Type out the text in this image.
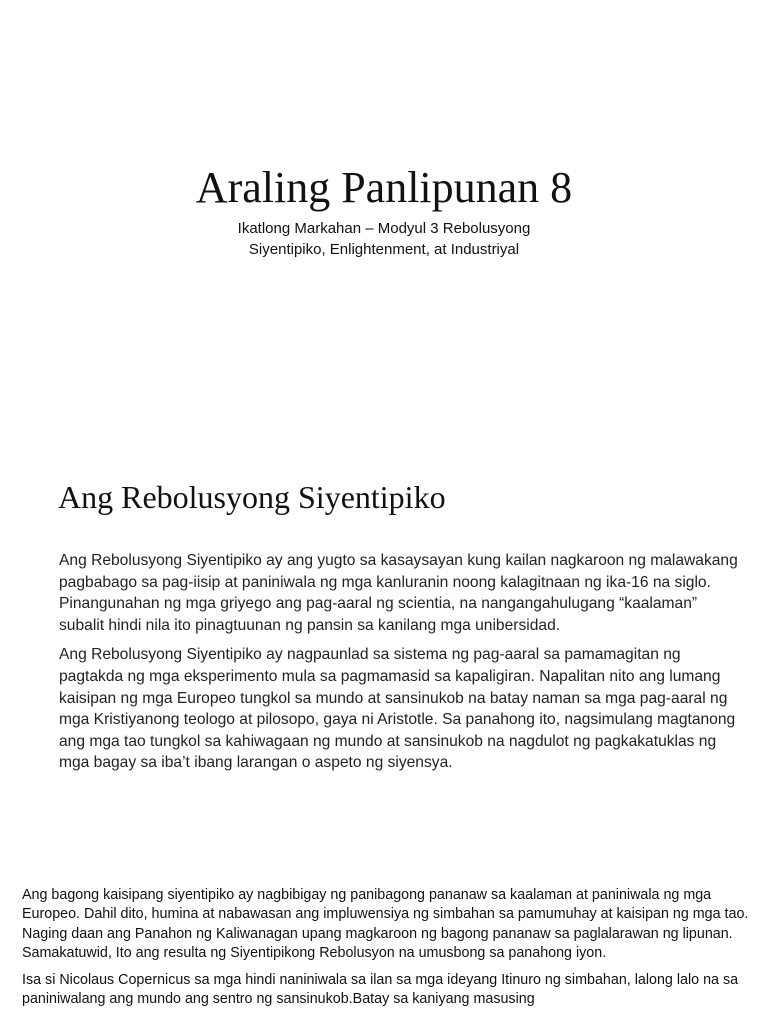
Araling Panlipunan 8
Ikatlong Markahan – Modyul 3 Rebolusyong
Siyentipiko, Enlightenment, at Industriyal
Ang Rebolusyong Siyentipiko

Ang Rebolusyong Siyentipiko ay ang yugto sa kasaysayan kung kailan nagkaroon ng malawakang pagbabago sa pag-iisip at paniniwala ng mga kanluranin noong kalagitnaan ng ika-16 na siglo. Pinangunahan ng mga griyego ang pag-aaral ng scientia, na nangangahulugang “kaalaman” subalit hindi nila ito pinagtuunan ng pansin sa kanilang mga unibersidad.

Ang Rebolusyong Siyentipiko ay nagpaunlad sa sistema ng pag-aaral sa pamamagitan ng pagtakda ng mga eksperimento mula sa pagmamasid sa kapaligiran. Napalitan nito ang lumang kaisipan ng mga Europeo tungkol sa mundo at sansinukob na batay naman sa mga pag-aaral ng mga Kristiyanong teologo at pilosopo, gaya ni Aristotle. Sa panahong ito, nagsimulang magtanong ang mga tao tungkol sa kahiwagaan ng mundo at sansinukob na nagdulot ng pagkakatuklas ng mga bagay sa iba’t ibang larangan o aspeto ng siyensya.

Ang bagong kaisipang siyentipiko ay nagbibigay ng panibagong pananaw sa kaalaman at paniniwala ng mga Europeo. Dahil dito, humina at nabawasan ang impluwensiya ng simbahan sa pamumuhay at kaisipan ng mga tao. Naging daan ang Panahon ng Kaliwanagan upang magkaroon ng bagong pananaw sa paglalarawan ng lipunan. Samakatuwid, Ito ang resulta ng Siyentipikong Rebolusyon na umusbong sa panahong iyon.

Isa si Nicolaus Copernicus sa mga hindi naniniwala sa ilan sa mga ideyang Itinuro ng simbahan, lalong lalo na sa paniniwalang ang mundo ang sentro ng sansinukob.Batay sa kaniyang masusing
